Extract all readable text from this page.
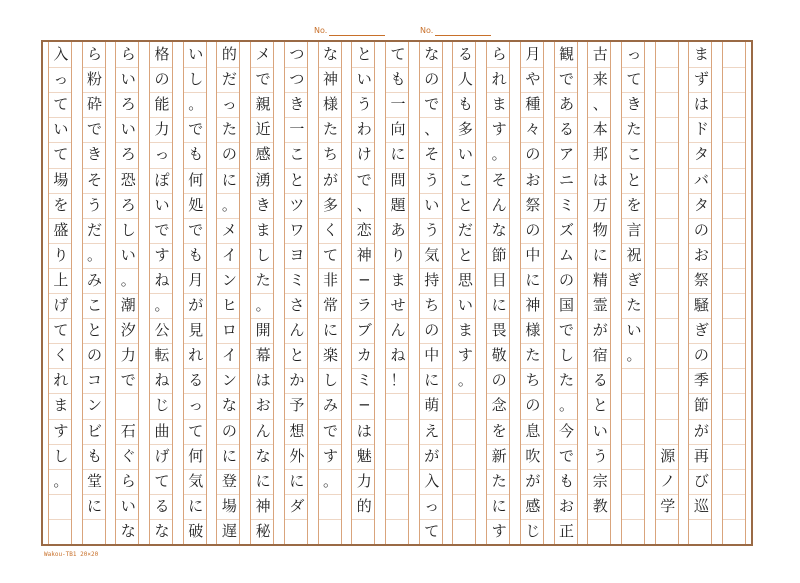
No.	No.
ま
ず
は
ド
タ
バ
タ
の
お
祭
騒
ぎ
の
季
節
が
再
び
巡
源
ノ
学
っ
て
き
た
こ
と
を
言
祝
ぎ
た
い
。
古
来
、
本
邦
は
万
物
に
精
霊
が
宿
る
と
い
う
宗
教
観
で
あ
る
ア
ニ
ミ
ズ
ム
の
国
で
し
た
。
今
で
も
お
正
月
や
種
々
の
お
祭
の
中
に
神
様
た
ち
の
息
吹
が
感
じ
ら
れ
ま
す
。
そ
ん
な
節
目
に
畏
敬
の
念
を
新
た
に
す
る
人
も
多
い
こ
と
だ
と
思
い
ま
す
。
な
の
で
、
そ
う
い
う
気
持
ち
の
中
に
萌
え
が
入
っ
て
て
も
一
向
に
問
題
あ
り
ま
せ
ん
ね
！
と
い
う
わ
け
で
、
恋
神
─
ラ
ブ
カ
ミ
─
は
魅
力
的
な
神
様
た
ち
が
多
く
て
非
常
に
楽
し
み
で
す
。
つ
つ
き
一
こ
と
ツ
ワ
ヨ
ミ
さ
ん
と
か
予
想
外
に
ダ
メ
で
親
近
感
湧
き
ま
し
た
。
開
幕
は
お
ん
な
に
神
秘
的
だ
っ
た
の
に
。
メ
イ
ン
ヒ
ロ
イ
ン
な
の
に
登
場
遅
い
し
。
で
も
何
処
で
も
月
が
見
れ
る
っ
て
何
気
に
破
格
の
能
力
っ
ぽ
い
で
す
ね
。
公
転
ね
じ
曲
げ
て
る
な
ら
い
ろ
い
ろ
恐
ろ
し
い
。
潮
汐
力
で

石
ぐ
ら
い
な
ら
粉
砕
で
き
そ
う
だ
。
み
こ
と
の
コ
ン
ビ
も
堂
に
入
っ
て
い
て
場
を
盛
り
上
げ
て
く
れ
ま
す
し
。
Wakou-TB1 20×20
